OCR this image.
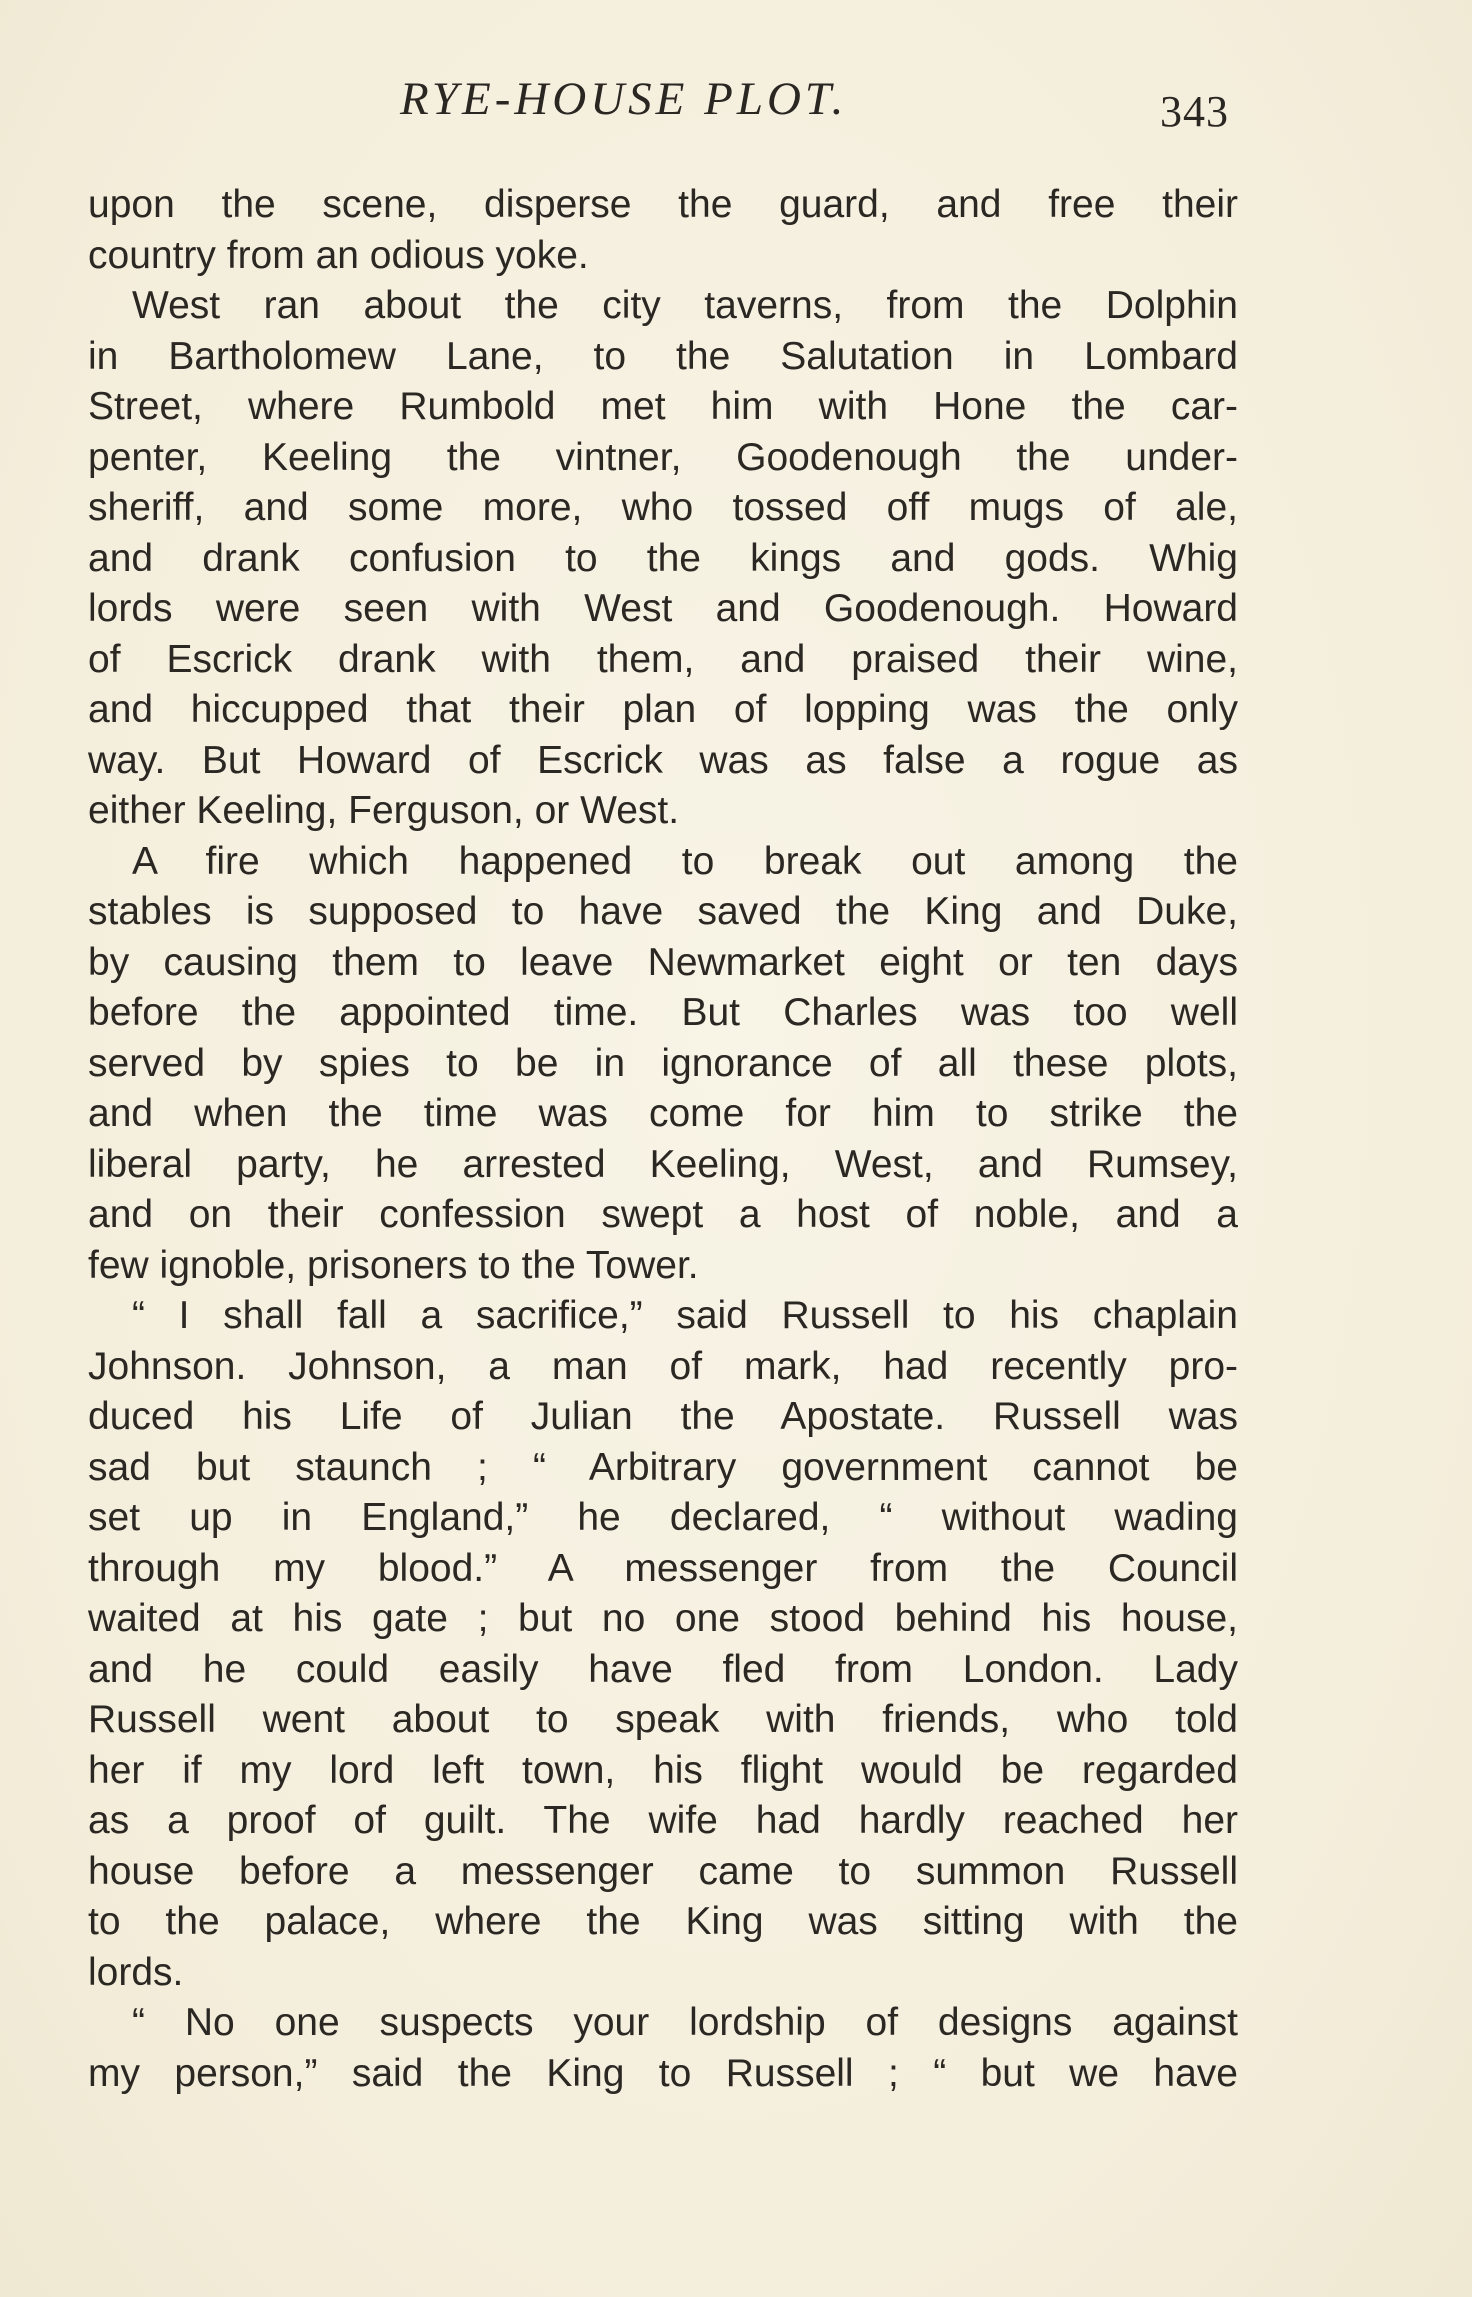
RYE-HOUSE PLOT.	343
upon the scene, disperse the guard, and free their
country from an odious yoke.
West ran about the city taverns, from the Dolphin
in Bartholomew Lane, to the Salutation in Lombard
Street, where Rumbold met him with Hone the car-
penter, Keeling the vintner, Goodenough the under-
sheriff, and some more, who tossed off mugs of ale,
and drank confusion to the kings and gods. Whig
lords were seen with West and Goodenough. Howard
of Escrick drank with them, and praised their wine,
and hiccupped that their plan of lopping was the only
way. But Howard of Escrick was as false a rogue as
either Keeling, Ferguson, or West.
A fire which happened to break out among the
stables is supposed to have saved the King and Duke,
by causing them to leave Newmarket eight or ten days
before the appointed time. But Charles was too well
served by spies to be in ignorance of all these plots,
and when the time was come for him to strike the
liberal party, he arrested Keeling, West, and Rumsey,
and on their confession swept a host of noble, and a
few ignoble, prisoners to the Tower.
“ I shall fall a sacrifice,” said Russell to his chaplain
Johnson. Johnson, a man of mark, had recently pro-
duced his Life of Julian the Apostate. Russell was
sad but staunch ; “ Arbitrary government cannot be
set up in England,” he declared, “ without wading
through my blood.” A messenger from the Council
waited at his gate ; but no one stood behind his house,
and he could easily have fled from London. Lady
Russell went about to speak with friends, who told
her if my lord left town, his flight would be regarded
as a proof of guilt. The wife had hardly reached her
house before a messenger came to summon Russell
to the palace, where the King was sitting with the
lords.
“ No one suspects your lordship of designs against
my person,” said the King to Russell ; “ but we have
